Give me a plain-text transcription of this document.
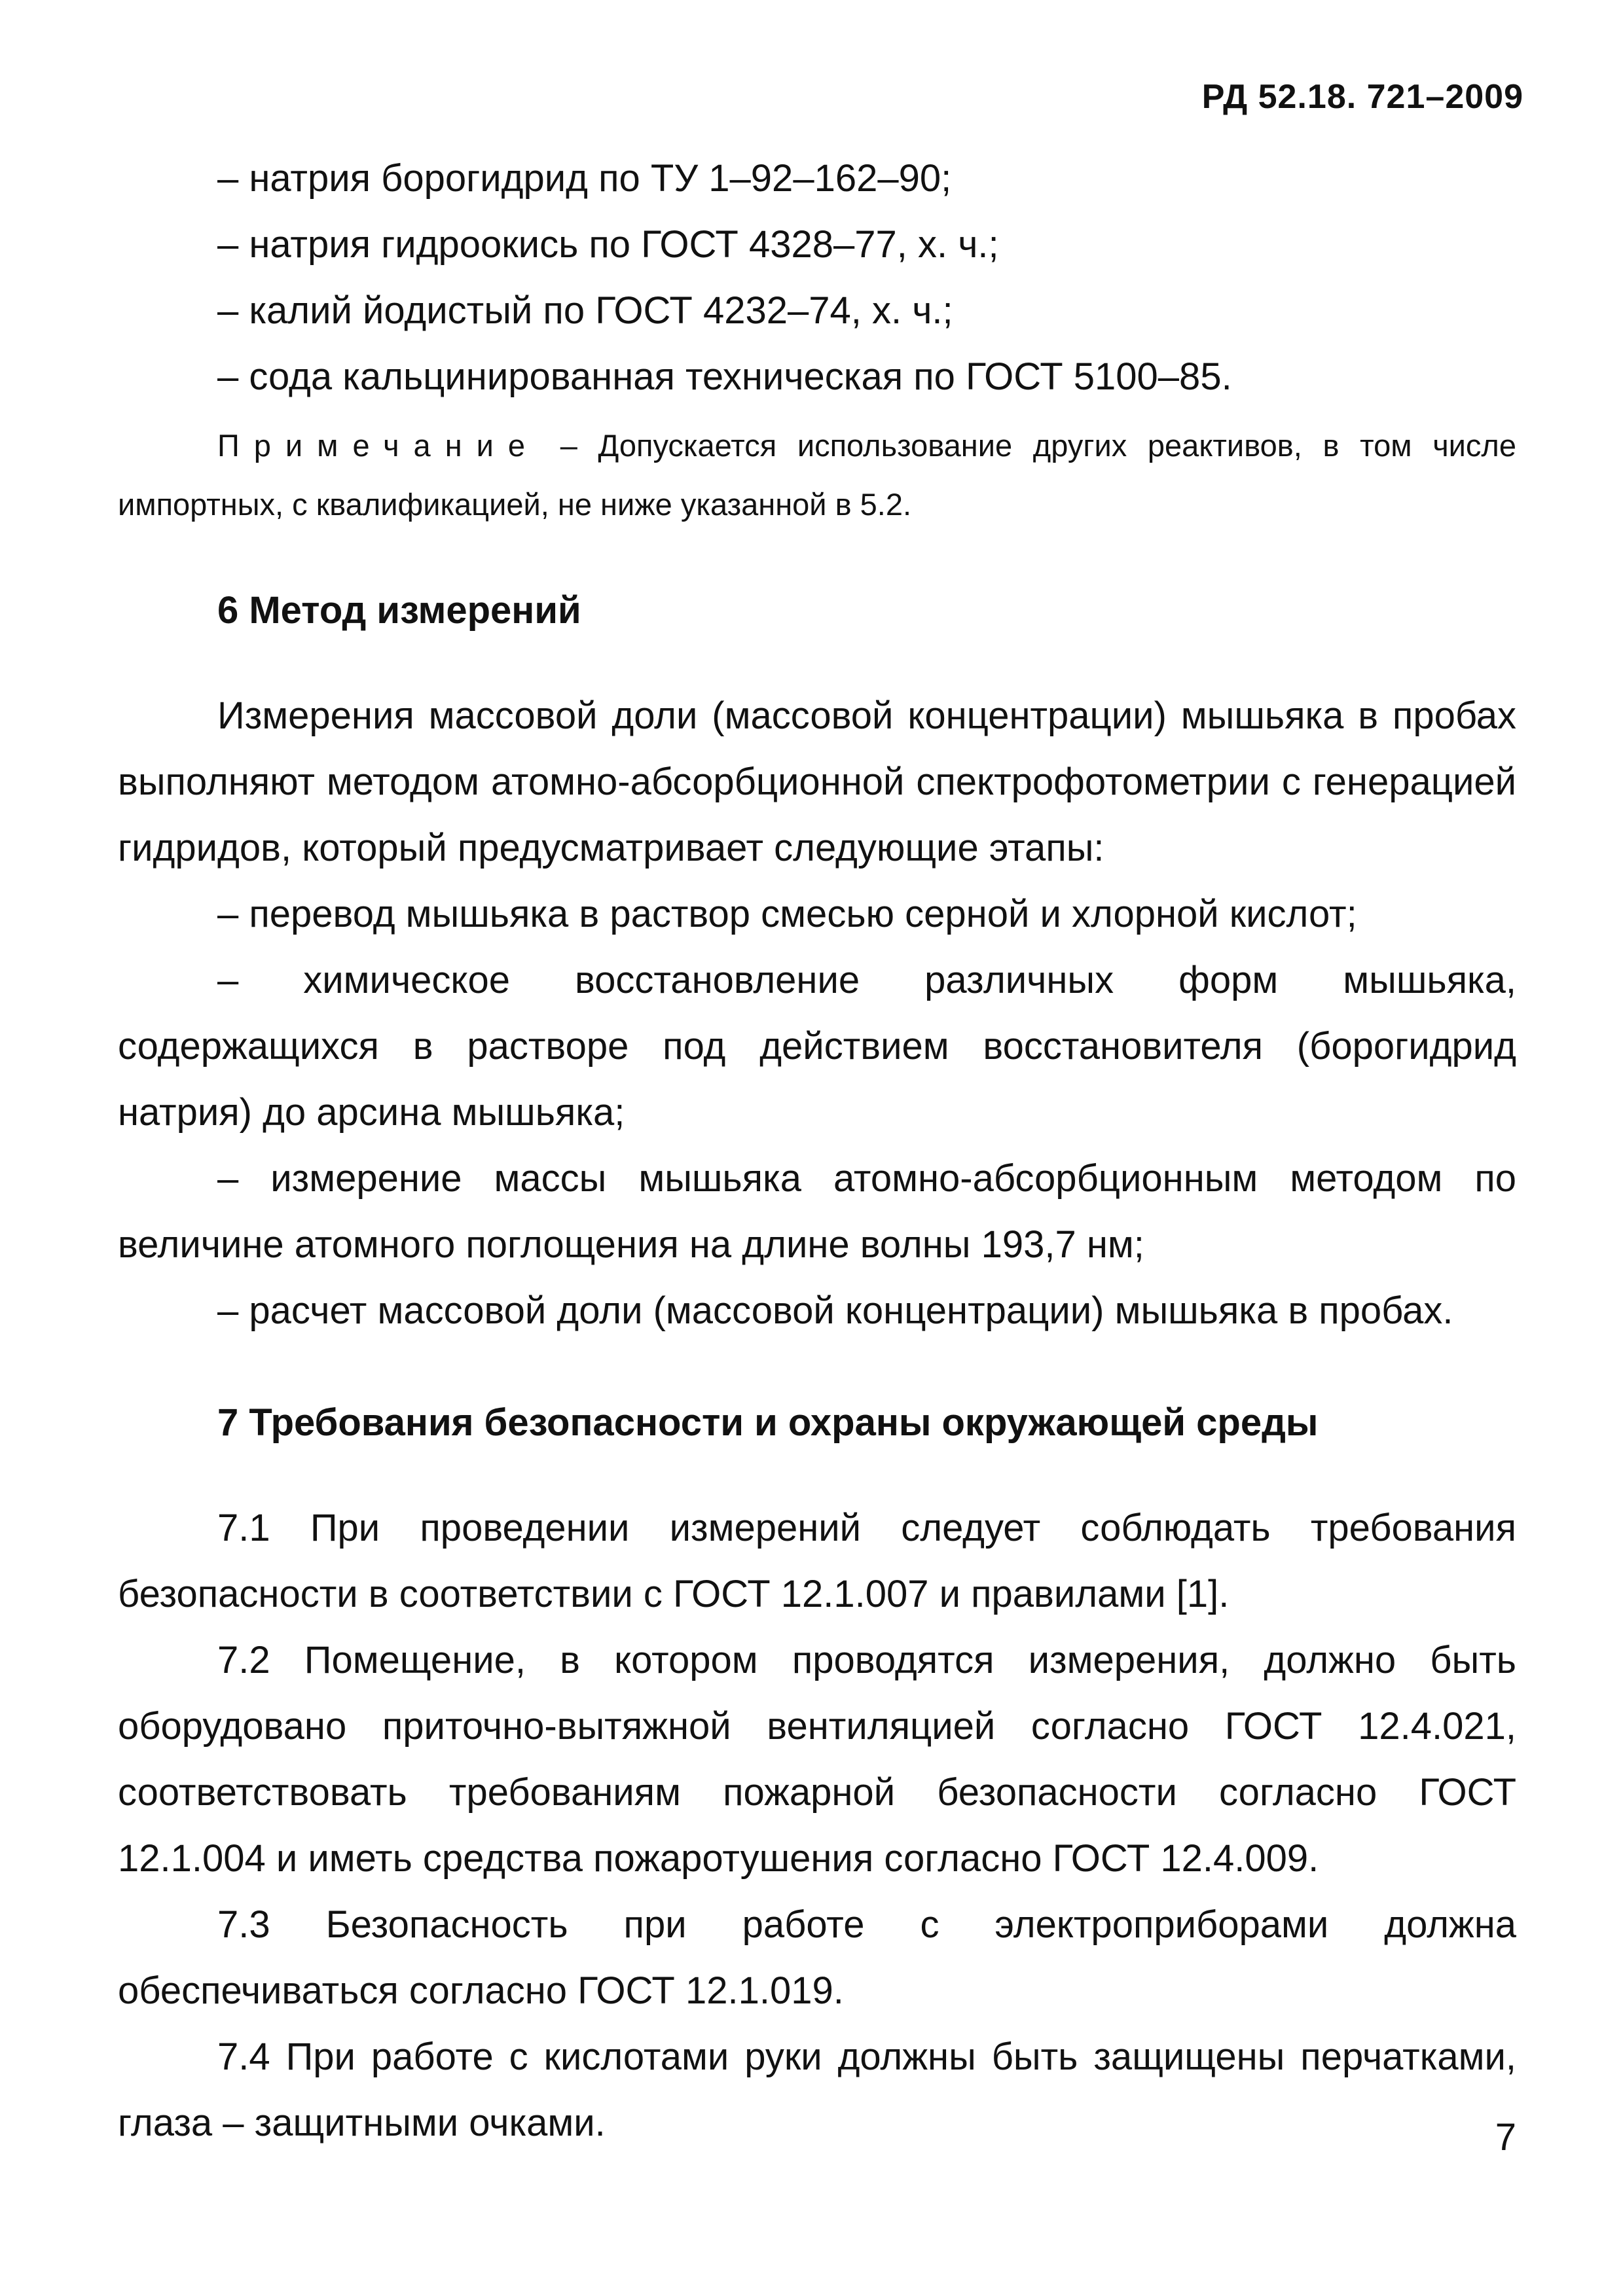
РД 52.18. 721–2009

– натрия борогидрид по ТУ 1–92–162–90;

– натрия гидроокись по ГОСТ 4328–77, х. ч.;

– калий йодистый по ГОСТ 4232–74, х. ч.;

– сода кальцинированная техническая по ГОСТ 5100–85.

Примечание – Допускается использование других реактивов, в том числе импортных, с квалификацией, не ниже указанной в 5.2.

6 Метод измерений

Измерения массовой доли (массовой концентрации) мышьяка в пробах выполняют методом атомно-абсорбционной спектрофотометрии с генерацией гидридов, который предусматривает следующие этапы:

– перевод мышьяка в раствор смесью серной и хлорной кислот;

– химическое восстановление различных форм мышьяка, содержащихся в растворе под действием восстановителя (борогидрид натрия) до арсина мышьяка;

– измерение массы мышьяка атомно-абсорбционным методом по величине атомного поглощения на длине волны 193,7 нм;

– расчет массовой доли (массовой концентрации) мышьяка в пробах.

7 Требования безопасности и охраны окружающей среды

7.1 При проведении измерений следует соблюдать требования безопасности в соответствии с ГОСТ 12.1.007 и правилами [1].

7.2 Помещение, в котором проводятся измерения, должно быть оборудовано приточно-вытяжной вентиляцией согласно ГОСТ 12.4.021, соответствовать требованиям пожарной безопасности согласно ГОСТ 12.1.004 и иметь средства пожаротушения согласно ГОСТ 12.4.009.

7.3 Безопасность при работе с электроприборами должна обеспечиваться согласно ГОСТ 12.1.019.

7.4 При работе с кислотами руки должны быть защищены перчатками, глаза – защитными очками.	7
